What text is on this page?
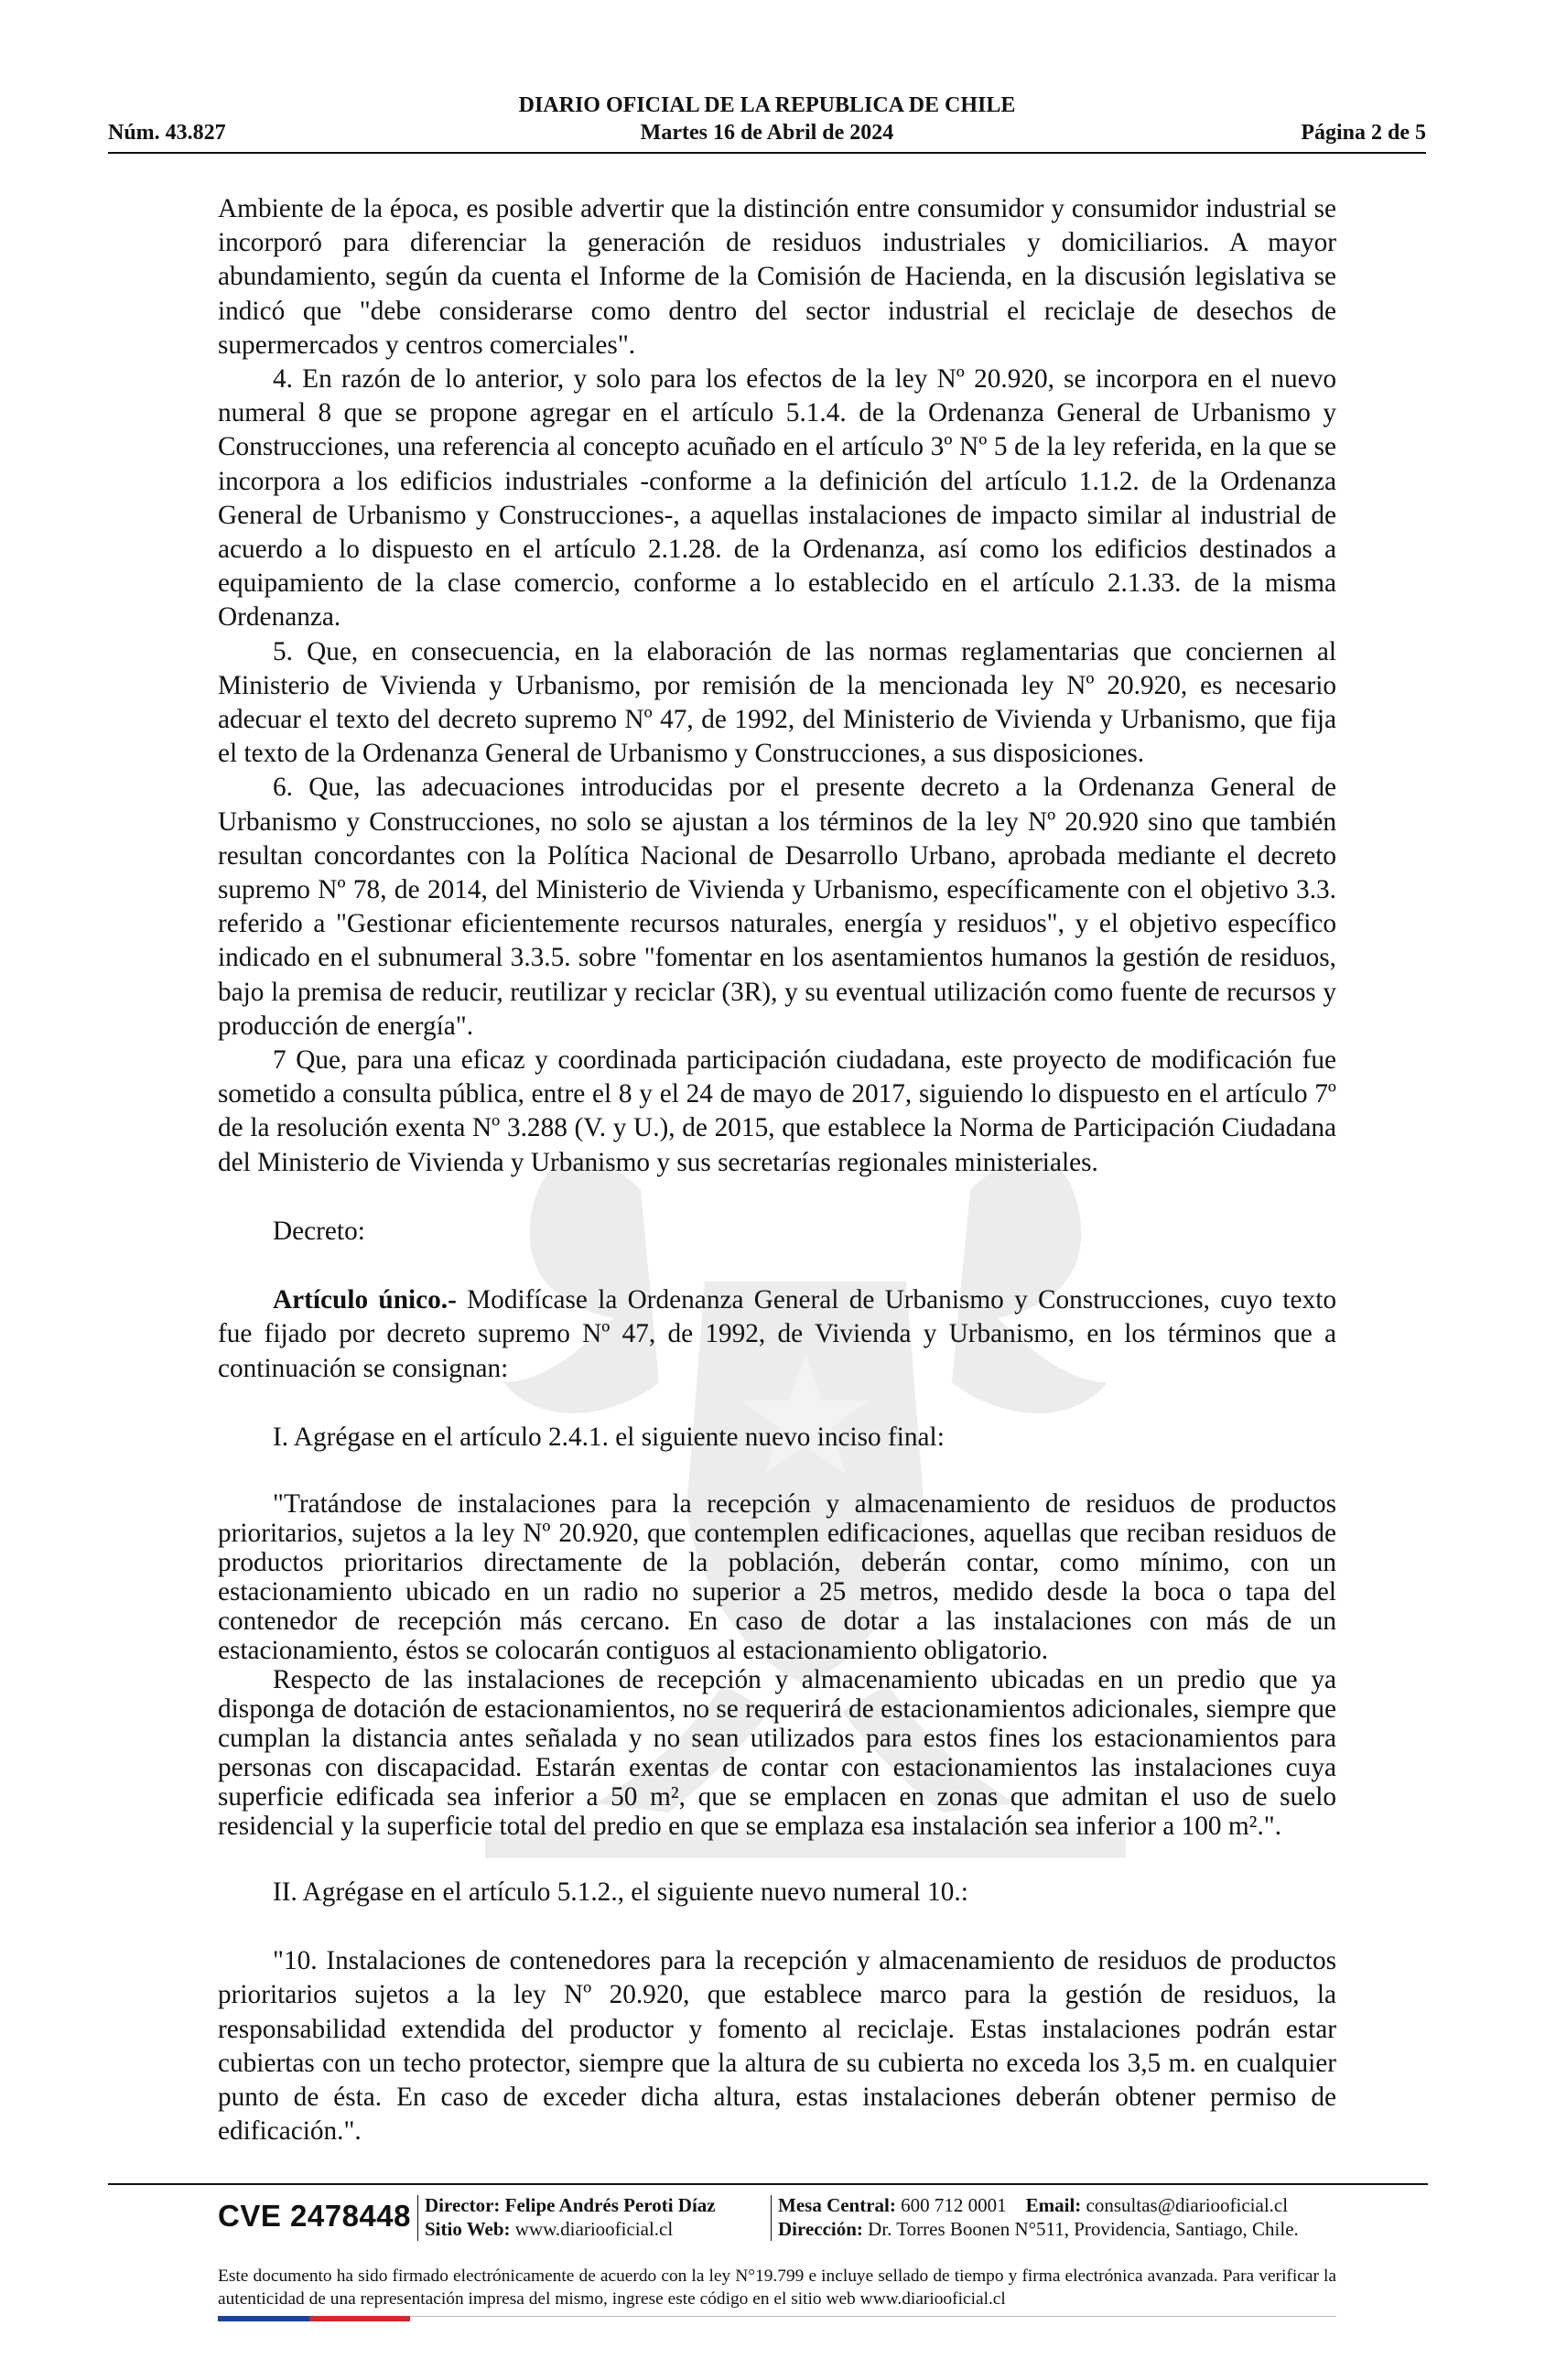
DIARIO OFICIAL DE LA REPUBLICA DE CHILE
Núm. 43.827	Martes 16 de Abril de 2024	Página 2 de 5

Ambiente de la época, es posible advertir que la distinción entre consumidor y consumidor industrial se incorporó para diferenciar la generación de residuos industriales y domiciliarios. A mayor abundamiento, según da cuenta el Informe de la Comisión de Hacienda, en la discusión legislativa se indicó que "debe considerarse como dentro del sector industrial el reciclaje de desechos de supermercados y centros comerciales".

4. En razón de lo anterior, y solo para los efectos de la ley Nº 20.920, se incorpora en el nuevo numeral 8 que se propone agregar en el artículo 5.1.4. de la Ordenanza General de Urbanismo y Construcciones, una referencia al concepto acuñado en el artículo 3º Nº 5 de la ley referida, en la que se incorpora a los edificios industriales -conforme a la definición del artículo 1.1.2. de la Ordenanza General de Urbanismo y Construcciones-, a aquellas instalaciones de impacto similar al industrial de acuerdo a lo dispuesto en el artículo 2.1.28. de la Ordenanza, así como los edificios destinados a equipamiento de la clase comercio, conforme a lo establecido en el artículo 2.1.33. de la misma Ordenanza.

5. Que, en consecuencia, en la elaboración de las normas reglamentarias que conciernen al Ministerio de Vivienda y Urbanismo, por remisión de la mencionada ley Nº 20.920, es necesario adecuar el texto del decreto supremo Nº 47, de 1992, del Ministerio de Vivienda y Urbanismo, que fija el texto de la Ordenanza General de Urbanismo y Construcciones, a sus disposiciones.

6. Que, las adecuaciones introducidas por el presente decreto a la Ordenanza General de Urbanismo y Construcciones, no solo se ajustan a los términos de la ley Nº 20.920 sino que también resultan concordantes con la Política Nacional de Desarrollo Urbano, aprobada mediante el decreto supremo Nº 78, de 2014, del Ministerio de Vivienda y Urbanismo, específicamente con el objetivo 3.3. referido a "Gestionar eficientemente recursos naturales, energía y residuos", y el objetivo específico indicado en el subnumeral 3.3.5. sobre "fomentar en los asentamientos humanos la gestión de residuos, bajo la premisa de reducir, reutilizar y reciclar (3R), y su eventual utilización como fuente de recursos y producción de energía".

7 Que, para una eficaz y coordinada participación ciudadana, este proyecto de modificación fue sometido a consulta pública, entre el 8 y el 24 de mayo de 2017, siguiendo lo dispuesto en el artículo 7º de la resolución exenta Nº 3.288 (V. y U.), de 2015, que establece la Norma de Participación Ciudadana del Ministerio de Vivienda y Urbanismo y sus secretarías regionales ministeriales.

Decreto:

Artículo único.- Modifícase la Ordenanza General de Urbanismo y Construcciones, cuyo texto fue fijado por decreto supremo Nº 47, de 1992, de Vivienda y Urbanismo, en los términos que a continuación se consignan:

I. Agrégase en el artículo 2.4.1. el siguiente nuevo inciso final:

"Tratándose de instalaciones para la recepción y almacenamiento de residuos de productos prioritarios, sujetos a la ley Nº 20.920, que contemplen edificaciones, aquellas que reciban residuos de productos prioritarios directamente de la población, deberán contar, como mínimo, con un estacionamiento ubicado en un radio no superior a 25 metros, medido desde la boca o tapa del contenedor de recepción más cercano. En caso de dotar a las instalaciones con más de un estacionamiento, éstos se colocarán contiguos al estacionamiento obligatorio.

Respecto de las instalaciones de recepción y almacenamiento ubicadas en un predio que ya disponga de dotación de estacionamientos, no se requerirá de estacionamientos adicionales, siempre que cumplan la distancia antes señalada y no sean utilizados para estos fines los estacionamientos para personas con discapacidad. Estarán exentas de contar con estacionamientos las instalaciones cuya superficie edificada sea inferior a 50 m², que se emplacen en zonas que admitan el uso de suelo residencial y la superficie total del predio en que se emplaza esa instalación sea inferior a 100 m².".

II. Agrégase en el artículo 5.1.2., el siguiente nuevo numeral 10.:

"10. Instalaciones de contenedores para la recepción y almacenamiento de residuos de productos prioritarios sujetos a la ley Nº 20.920, que establece marco para la gestión de residuos, la responsabilidad extendida del productor y fomento al reciclaje. Estas instalaciones podrán estar cubiertas con un techo protector, siempre que la altura de su cubierta no exceda los 3,5 m. en cualquier punto de ésta. En caso de exceder dicha altura, estas instalaciones deberán obtener permiso de edificación.".

CVE 2478448 Director: Felipe Andrés Peroti Díaz
Sitio Web: www.diariooficial.cl
Mesa Central: 600 712 0001 Email: consultas@diariooficial.cl
Dirección: Dr. Torres Boonen N°511, Providencia, Santiago, Chile.
Este documento ha sido firmado electrónicamente de acuerdo con la ley N°19.799 e incluye sellado de tiempo y firma electrónica avanzada. Para verificar la autenticidad de una representación impresa del mismo, ingrese este código en el sitio web www.diariooficial.cl
